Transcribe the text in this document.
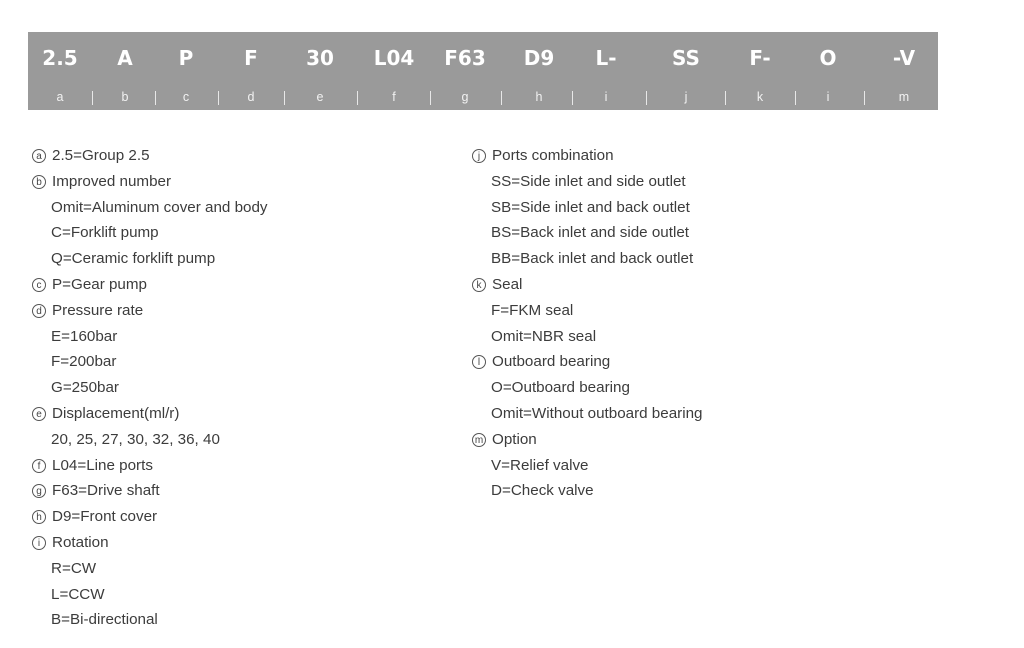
2.5 A P	F 30 L04 F63 D9 L-	SS F- O	-V
a	b	c	d	e	f	g	h	i	j	k	i	m
a 2.5=Group 2.5
b Improved number
Omit=Aluminum cover and body
C=Forklift pump
Q=Ceramic forklift pump
c P=Gear pump
d Pressure rate
E=160bar
F=200bar
G=250bar
e Displacement(ml/r)
20, 25, 27, 30, 32, 36, 40
f L04=Line ports
g F63=Drive shaft
h D9=Front cover
i Rotation
R=CW
L=CCW
B=Bi-directional
j Ports combination
SS=Side inlet and side outlet
SB=Side inlet and back outlet
BS=Back inlet and side outlet
BB=Back inlet and back outlet
k Seal
F=FKM seal
Omit=NBR seal
l Outboard bearing
O=Outboard bearing
Omit=Without outboard bearing
m Option
V=Relief valve
D=Check valve
